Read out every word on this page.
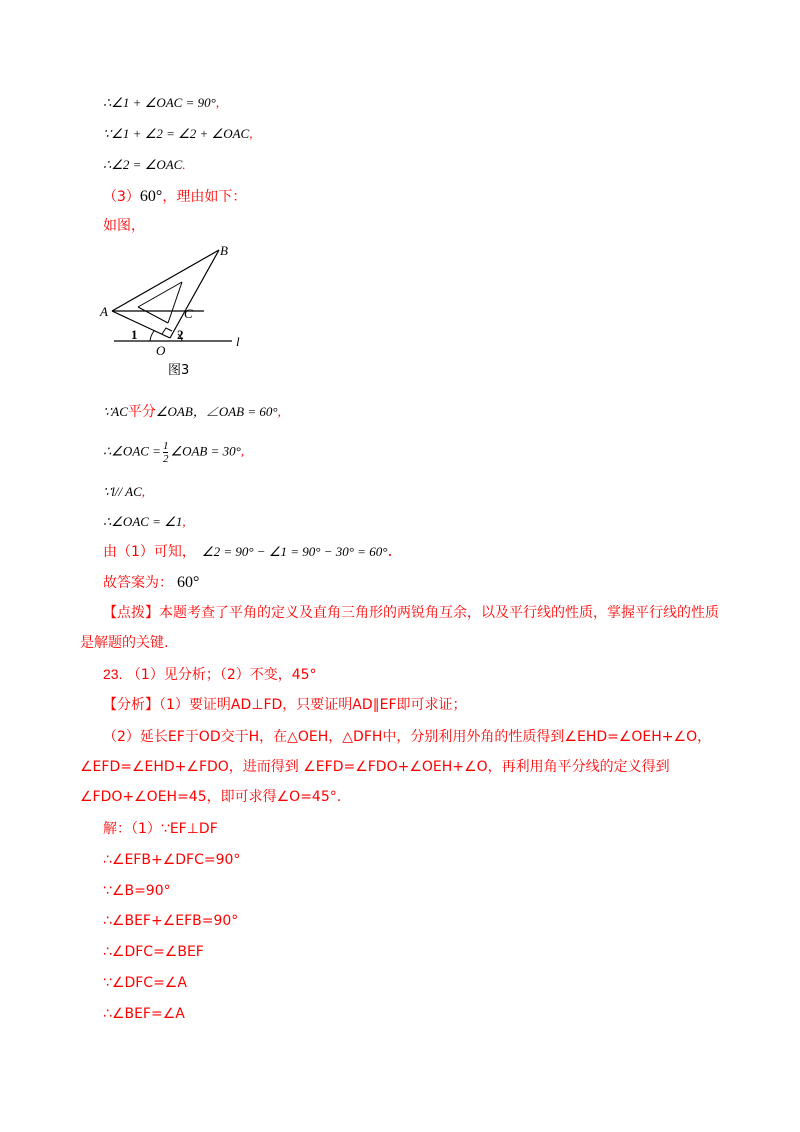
∴∠1 + ∠OAC = 90°,
∵∠1 + ∠2 = ∠2 + ∠OAC,
∴∠2 = ∠OAC.
（3）60°，理由如下：
如图，
B
A	C
1	2
O
l
图3
∵AC平分∠OAB，∠OAB = 60°,
∴∠OAC = $\frac{1}{2}$ ∠OAB = 30°,
∵l// AC,
∴∠OAC = ∠1,
由（1）可知， ∠2 = 90° − ∠1 = 90° − 30° = 60°.
故答案为： 60°
【点拨】本题考查了平角的定义及直角三角形的两锐角互余，以及平行线的性质，掌握平行线的性质是解题的关键.
23. （1）见分析；（2）不变，45°
【分析】（1）要证明AD⊥FD，只要证明AD∥EF即可求证；
（2）延长EF于OD交于H，在△OEH，△DFH中，分别利用外角的性质得到∠EHD=∠OEH+∠O，∠EFD=∠EHD+∠FDO，进而得到 ∠EFD=∠FDO+∠OEH+∠O，再利用角平分线的定义得到∠FDO+∠OEH=45，即可求得∠O=45°.
解：（1）∵EF⊥DF
∴∠EFB+∠DFC=90°
∵∠B=90°
∴∠BEF+∠EFB=90°
∴∠DFC=∠BEF
∵∠DFC=∠A
∴∠BEF=∠A
